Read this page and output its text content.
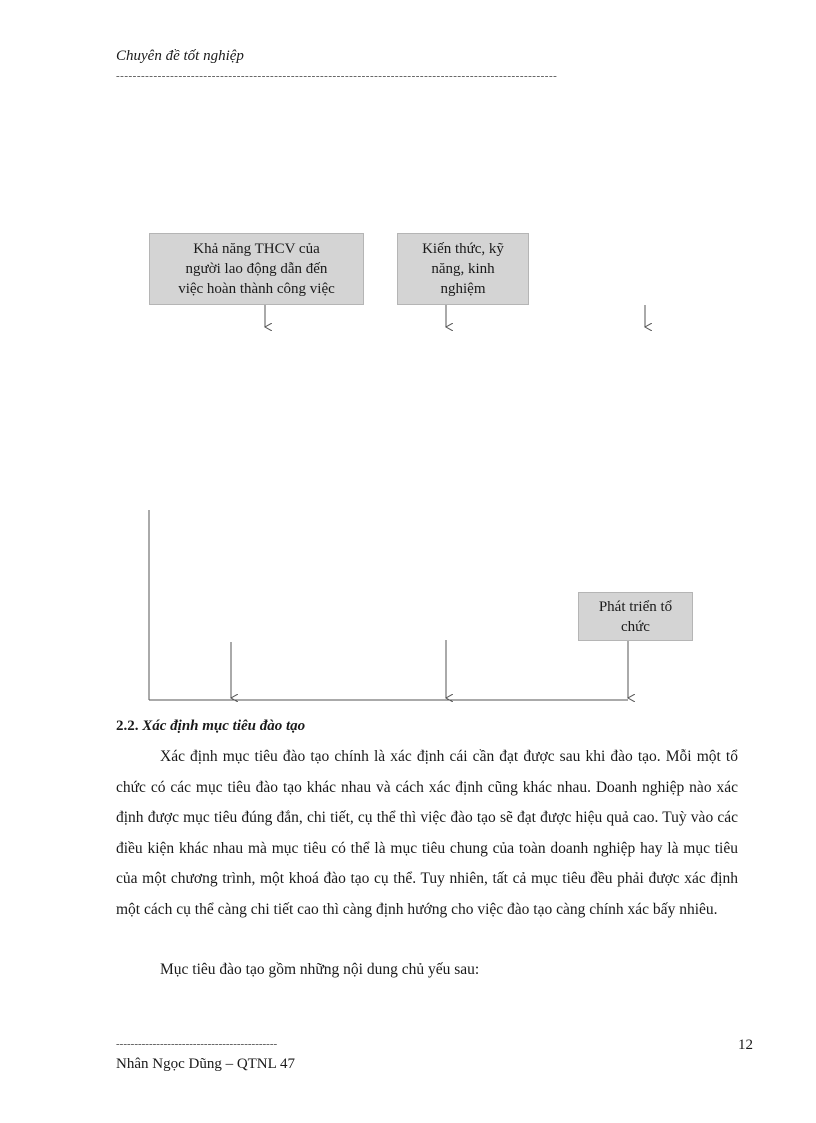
Chuyên đề tốt nghiệp
----------------------------------------------------------------------------------------------------------
Khả năng THCV của
người lao động dẫn đến
việc hoàn thành công việc
Kiến thức, kỹ
năng, kinh
nghiệm
Phát triển tổ
chức
2.2. Xác định mục tiêu đào tạo

Xác định mục tiêu đào tạo chính là xác định cái cần đạt được sau khi đào tạo. Mỗi một tổ chức có các mục tiêu đào tạo khác nhau và cách xác định cũng khác nhau. Doanh nghiệp nào xác định được mục tiêu đúng đắn, chi tiết, cụ thể thì việc đào tạo sẽ đạt được hiệu quả cao. Tuỳ vào các điều kiện khác nhau mà mục tiêu có thể là mục tiêu chung của toàn doanh nghiệp hay là mục tiêu của một chương trình, một khoá đào tạo cụ thể. Tuy nhiên, tất cả mục tiêu đều phải được xác định một cách cụ thể càng chi tiết cao thì càng định hướng cho việc đào tạo càng chính xác bấy nhiêu.

Mục tiêu đào tạo gồm những nội dung chủ yếu sau:

--------------------------------------------	12
Nhân Ngọc Dũng – QTNL 47
